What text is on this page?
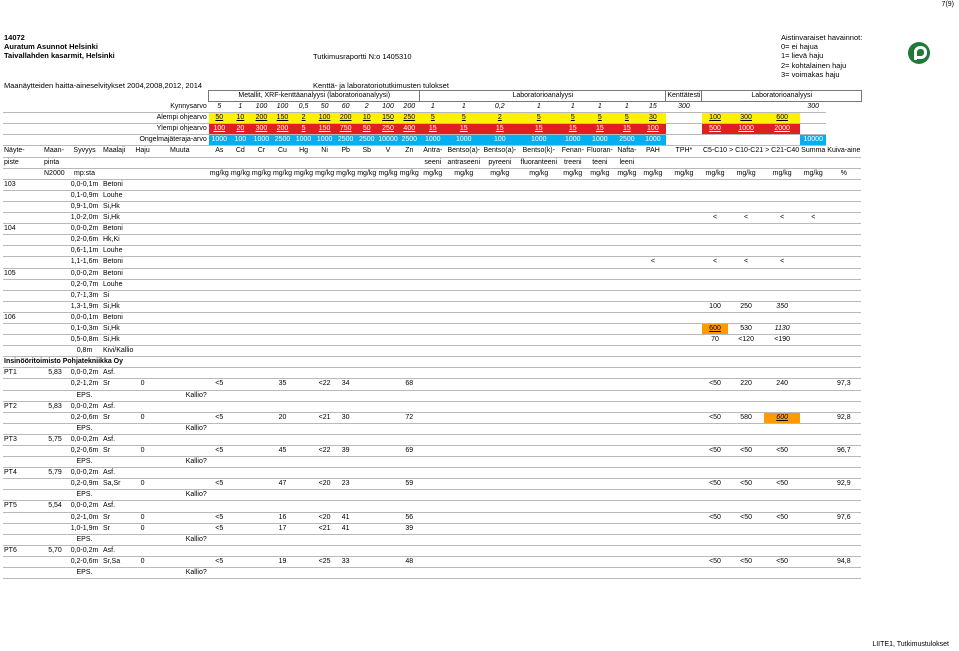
7(9)
14072
Auratum Asunnot Helsinki
Taivallahden kasarmit, Helsinki	Tutkimusraportti N:o 1405310
Maanäytteiden haitta-aineselvitykset 2004,2008,2012, 2014	Kenttä- ja laboratoriotutkimusten tulokset
Aistinvaraiset havainnot:
0= ei hajua
1= lievä haju
2= kohtalainen haju
3= voimakas haju
						Metallit, XRF-kenttäanalyysi (laboratorioanalyysi)										Laboratorioanalyysi								Kenttätesti	Laboratorioanalyysi				
Kynnysarvo						5	1	100	100	0,5	50	60	2	100	200	1	1	0,2	1	1	1	1	15	300				300	
Alempi ohjearvo						50	10	200	150	2	100	200	10	150	250	5	5	2	5	5	5	5	30		100	300	600		
Ylempi ohjearvo						100	20	300	200	5	150	750	50	250	400	15	15	15	15	15	15	15	100		500	1000	2000		
Ongelmajäteraja-arvo						1000	100	1000	2500	1000	1000	2500	2500	10000	2500	1000	1000	100	1000	1000	1000	2500	1000					10000	
Näyte-	Maan-	Syvyys	Maalaji	Haju	Muuta	As	Cd	Cr	Cu	Hg	Ni	Pb	Sb	V	Zn	Antra-	Bentso(a)-	Bentso(a)-	Bentso(k)-	Fenan-	Fluoran-	Nafta-	PAH	TPH*	C5-C10	> C10-C21	> C21-C40	Summa	Kuiva-aine
piste	pinta															seeni	antraseeni	pyreeni	fluoranteeni	treeni	teeni	leeni							
	N2000	mp:sta				mg/kg	mg/kg	mg/kg	mg/kg	mg/kg	mg/kg	mg/kg	mg/kg	mg/kg	mg/kg	mg/kg	mg/kg	mg/kg	mg/kg	mg/kg	mg/kg	mg/kg	mg/kg	mg/kg	mg/kg	mg/kg	mg/kg	mg/kg	%
103		0,0-0,1m	Betoni																										
		0,1-0,9m	Louhe																										
		0,9-1,0m	Si,Hk																										
		1,0-2,0m	Si,Hk																						<	<	<	<	
104		0,0-0,2m	Betoni																										
		0,2-0,6m	Hk,Ki																										
		0,6-1,1m	Louhe																										
		1,1-1,6m	Betoni																				<		<	<	<		
105		0,0-0,2m	Betoni																										
		0,2-0,7m	Louhe																										
		0,7-1,3m	Si																										
		1,3-1,9m	Si,Hk																						100	250	350		
106		0,0-0,1m	Betoni																										
		0,1-0,3m	Si,Hk																						600	530	1130		
		0,5-0,8m	Si,Hk																						70	<120	<190		
		0,8m	Kivi/Kallio																										
Insinööritoimisto Pohjatekniikka Oy																													
PT1	5,83	0,0-0,2m	Asf.																										
		0,2-1,2m	Sr	0		<5			35		<22	34			68										<50	220	240		97,3
		EPS.			Kallio?																								
PT2	5,83	0,0-0,2m	Asf.																										
		0,2-0,6m	Sr	0		<5			20		<21	30			72										<50	580	600		92,8
		EPS.			Kallio?																								
PT3	5,75	0,0-0,2m	Asf.																										
		0,2-0,6m	Sr	0		<5			45		<22	39			69										<50	<50	<50		96,7
		EPS.			Kallio?																								
PT4	5,79	0,0-0,2m	Asf.																										
		0,2-0,9m	Sa,Sr	0		<5			47		<20	23			59										<50	<50	<50		92,9
		EPS.			Kallio?																								
PT5	5,54	0,0-0,2m	Asf.																										
		0,2-1,0m	Sr	0		<5			16		<20	41			56										<50	<50	<50		97,6
		1,0-1,9m	Sr	0		<5			17		<21	41			39														
		EPS.			Kallio?																								
PT6	5,70	0,0-0,2m	Asf.																										
		0,2-0,6m	Sr,Sa	0		<5			19		<25	33			48										<50	<50	<50		94,8
		EPS.			Kallio?																								
LIITE1, Tutkimustulokset
